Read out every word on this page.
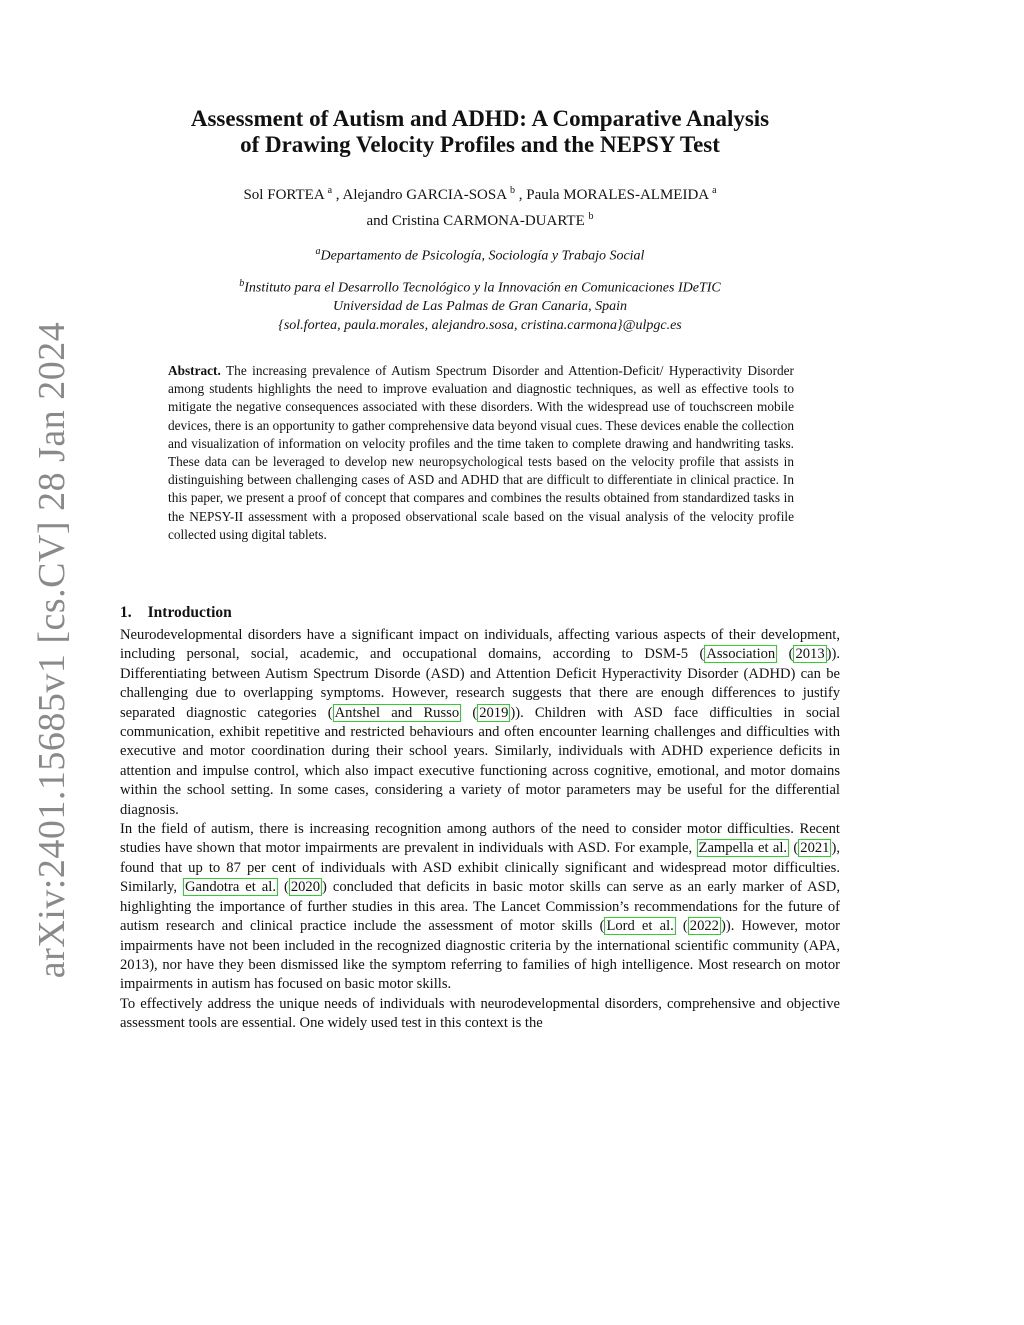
arXiv:2401.15685v1 [cs.CV] 28 Jan 2024
Assessment of Autism and ADHD: A Comparative Analysis
of Drawing Velocity Profiles and the NEPSY Test
Sol FORTEA $^a$ , Alejandro GARCIA-SOSA $^b$ , Paula MORALES-ALMEIDA $^a$
and Cristina CARMONA-DUARTE $^b$
$^a$Departamento de Psicología, Sociología y Trabajo Social
$^b$Instituto para el Desarrollo Tecnológico y la Innovación en Comunicaciones IDeTIC
Universidad de Las Palmas de Gran Canaria, Spain
{sol.fortea, paula.morales, alejandro.sosa, cristina.carmona}@ulpgc.es
Abstract. The increasing prevalence of Autism Spectrum Disorder and Attention-Deficit/ Hyperactivity Disorder among students highlights the need to improve evaluation and diagnostic techniques, as well as effective tools to mitigate the negative consequences associated with these disorders. With the widespread use of touchscreen mobile devices, there is an opportunity to gather comprehensive data beyond visual cues. These devices enable the collection and visualization of information on velocity profiles and the time taken to complete drawing and handwriting tasks. These data can be leveraged to develop new neuropsychological tests based on the velocity profile that assists in distinguishing between challenging cases of ASD and ADHD that are difficult to differentiate in clinical practice. In this paper, we present a proof of concept that compares and combines the results obtained from standardized tasks in the NEPSY-II assessment with a proposed observational scale based on the visual analysis of the velocity profile collected using digital tablets.
1. Introduction

Neurodevelopmental disorders have a significant impact on individuals, affecting various aspects of their development, including personal, social, academic, and occupational domains, according to DSM-5 ( Association ( 2013 )). Differentiating between Autism Spectrum Disorde (ASD) and Attention Deficit Hyperactivity Disorder (ADHD) can be challenging due to overlapping symptoms. However, research suggests that there are enough differences to justify separated diagnostic categories ( Antshel and Russo ( 2019 )). Children with ASD face difficulties in social communication, exhibit repetitive and restricted behaviours and often encounter learning challenges and difficulties with executive and motor coordination during their school years. Similarly, individuals with ADHD experience deficits in attention and impulse control, which also impact executive functioning across cognitive, emotional, and motor domains within the school setting. In some cases, considering a variety of motor parameters may be useful for the differential diagnosis.

In the field of autism, there is increasing recognition among authors of the need to consider motor difficulties. Recent studies have shown that motor impairments are prevalent in individuals with ASD. For example, Zampella et al. ( 2021 ), found that up to 87 per cent of individuals with ASD exhibit clinically significant and widespread motor difficulties. Similarly, Gandotra et al. ( 2020 ) concluded that deficits in basic motor skills can serve as an early marker of ASD, highlighting the importance of further studies in this area. The Lancet Commission’s recommendations for the future of autism research and clinical practice include the assessment of motor skills ( Lord et al. ( 2022 )). However, motor impairments have not been included in the recognized diagnostic criteria by the international scientific community (APA, 2013), nor have they been dismissed like the symptom referring to families of high intelligence. Most research on motor impairments in autism has focused on basic motor skills.

To effectively address the unique needs of individuals with neurodevelopmental disorders, comprehensive and objective assessment tools are essential. One widely used test in this context is the
